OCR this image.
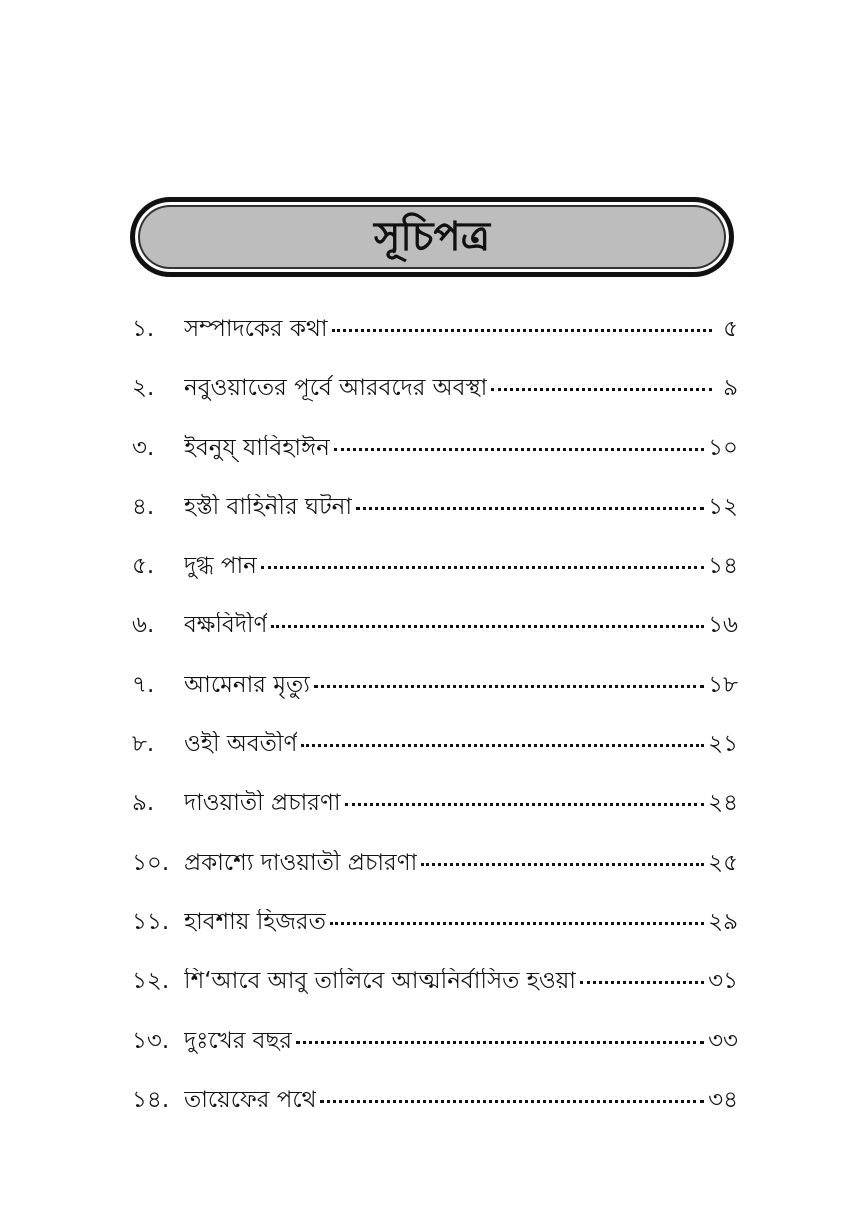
সূচিপত্র
১.	সম্পাদকের কথা	৫
২.	নবুওয়াতের পূর্বে আরবদের অবস্থা	৯
৩.	ইবনুয্ যাবিহাঈন	১০
৪.	হস্তী বাহিনীর ঘটনা	১২
৫.	দুগ্ধ পান	১৪
৬.	বক্ষবিদীর্ণ	১৬
৭.	আমেনার মৃত্যু	১৮
৮.	ওহী অবতীর্ণ	২১
৯.	দাওয়াতী প্রচারণা	২৪
১০. প্রকাশ্যে দাওয়াতী প্রচারণা	২৫
১১. হাবশায় হিজরত	২৯
১২. শি‘আবে আবু তালিবে আত্মনির্বাসিত হওয়া	৩১
১৩. দুঃখের বছর	৩৩
১৪. তায়েফের পথে	৩৪
